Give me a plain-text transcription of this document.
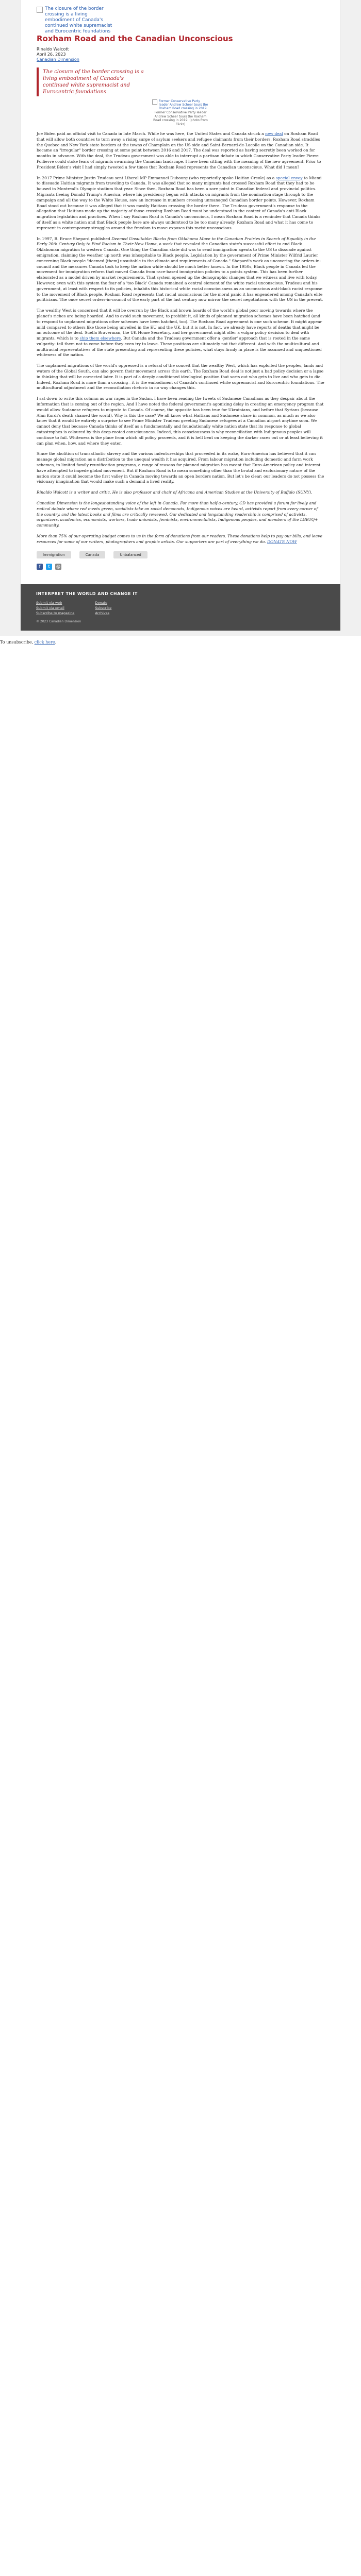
The closure of the border crossing is a living embodiment of Canada's continued white supremacist and Eurocentric foundations
Roxham Road and the Canadian Unconscious
Rinaldo Walcott
April 26, 2023
Canadian Dimension
The closure of the border crossing is a living embodiment of Canada's continued white supremacist and Eurocentric foundations
Former Conservative Party leader Andrew Scheer tours the Roxham Road crossing in 2019.
Former Conservative Party leader Andrew Scheer tours the Roxham Road crossing in 2019. (photo from Flickr)

Joe Biden paid an official visit to Canada in late March. While he was here, the United States and Canada struck a new deal on Roxham Road that will allow both countries to turn away a rising surge of asylum seekers and refugee claimants from their borders. Roxham Road straddles the Quebec and New York state borders at the towns of Champlain on the US side and Saint-Bernard-de-Lacolle on the Canadian side. It became an "irregular" border crossing at some point between 2016 and 2017. The deal was reported as having secretly been worked on for months in advance. With the deal, the Trudeau government was able to interrupt a partisan debate in which Conservative Party leader Pierre Poilievre could stoke fears of migrants swarming the Canadian landscape. I have been sitting with the meaning of the new agreement. Prior to President Biden's visit I had simply tweeted a few times that Roxham Road represents the Canadian unconscious. What did I mean?

In 2017 Prime Minister Justin Trudeau sent Liberal MP Emmanuel Dubourg (who reportedly spoke Haitian Creole) as a special envoy to Miami to dissuade Haitian migrants from traveling to Canada. It was alleged that so many migrants had crossed Roxham Road that they had to be housed in Montreal's Olympic stadium that year. Since then, Roxham Road has been a sore point in Canadian federal and provincial politics. Migrants fleeing Donald Trump's America, where his presidency began with attacks on migrants from the nomination stage through to the campaign and all the way to the White House, saw an increase in numbers crossing unmanaged Canadian border points. However, Roxham Road stood out because it was alleged that it was mostly Haitians crossing the border there. The Trudeau government's response to the allegation that Haitians made up the majority of those crossing Roxham Road must be understood in the context of Canada's anti-Black migration legislation and practices. When I say Roxham Road is Canada's unconscious, I mean Roxham Road is a reminder that Canada thinks of itself as a white nation and that Black people here are always understood to be too many already. Roxham Road and what it has come to represent in contemporary struggles around the freedom to move exposes this racist unconscious.

In 1997, R. Bruce Shepard published Deemed Unsuitable: Blacks from Oklahoma Move to the Canadian Prairies in Search of Equality in the Early 20th Century Only to Find Racism in Their New Home, a work that revealed the Canadian state's successful effort to end Black Oklahoman migration to western Canada. One thing the Canadian state did was to send immigration agents to the US to dissuade against emigration, claiming the weather up north was inhospitable to Black people. Legislation by the government of Prime Minister Wilfrid Laurier concerning Black people "deemed [them] unsuitable to the climate and requirements of Canada." Shepard's work on uncovering the orders-in-council and the measures Canada took to keep the nation white should be much better known. In the 1950s, Black people in Canada led the movement for immigration reform that moved Canada from race-based immigration policies to a points system. This has been further elaborated as a model driven by market requirements. That system opened up the demographic changes that we witness and live with today. However, even with this system the fear of a 'too Black' Canada remained a central element of the white racial unconscious. Trudeau and his government, at least with respect to its policies, inhabits this historical white racial consciousness as an unconscious anti-black racist response to the movement of Black people. Roxham Road represents that racial unconscious for the moral panic it has engendered among Canada's elite politicians. The once secret orders-in-council of the early part of the last century now mirror the secret negotiations with the US in the present.

The wealthy West is concerned that it will be overrun by the Black and brown hoards of the world's global poor moving towards where the planet's riches are being hoarded. And to avoid such movement, to prohibit it, all kinds of planned migration schemes have been hatched (and to respond to unplanned migrations other schemes have been hatched, too). The Roxham Road agreement is one such scheme. It might appear mild compared to others like those being unveiled in the EU and the UK, but it is not. In fact, we already have reports of deaths that might be an outcome of the deal. Suella Braverman, the UK Home Secretary, and her government might offer a vulgar policy decision to deal with migrants, which is to ship them elsewhere. But Canada and the Trudeau government offer a 'gentler' approach that is rooted in the same vulgarity: tell them not to come before they even try to leave. These positions are ultimately not that different. And with the multicultural and multiracial representatives of the state presenting and representing these policies, what stays firmly in place is the assumed and unquestioned whiteness of the nation.

The unplanned migrations of the world's oppressed is a refusal of the conceit that the wealthy West, which has exploited the peoples, lands and waters of the Global South, can also govern their movement across this earth. The Roxham Road deal is not just a bad policy decision or a lapse in thinking that will be corrected later. It is part of a deeply conditioned ideological position that sorts out who gets to live and who gets to die. Indeed, Roxham Road is more than a crossing—it is the embodiment of Canada's continued white supremacist and Eurocentric foundations. The multicultural adjustment and the reconciliation rhetoric in no way changes this.

I sat down to write this column as war rages in the Sudan. I have been reading the tweets of Sudanese Canadians as they despair about the information that is coming out of the region. And I have noted the federal government's agonizing delay in creating an emergency program that would allow Sudanese refugees to migrate to Canada. Of course, the opposite has been true for Ukrainians, and before that Syrians (because Alan Kurdi's death shamed the world). Why is this the case? We all know what Haitians and Sudanese share in common, as much as we also know that it would be entirely a surprise to see Prime Minister Trudeau greeting Sudanese refugees at a Canadian airport anytime soon. We cannot deny that because Canada thinks of itself as a fundamentally and foundationally white nation state that its response to global catastrophes is coloured by this deep-rooted consciousness. Indeed, this consciousness is why reconciliation with Indigenous peoples will continue to fail. Whiteness is the place from which all policy proceeds, and it is hell bent on keeping the darker races out or at least believing it can plan when, how, and where they enter.

Since the abolition of transatlantic slavery and the various indentureships that proceeded in its wake, Euro-America has believed that it can manage global migration as a distribution to the unequal wealth it has acquired. From labour migration including domestic and farm work schemes, to limited family reunification programs, a range of reasons for planned migration has meant that Euro-American policy and interest have attempted to impede global movement. But if Roxham Road is to mean something other than the brutal and exclusionary nature of the nation state it could become the first valley in Canada moving towards an open borders nation. But let's be clear: our leaders do not possess the visionary imagination that would make such a demand a lived reality.

Rinaldo Walcott is a writer and critic. He is also professor and chair of Africana and American Studies at the University of Buffalo (SUNY).

Canadian Dimension is the longest-standing voice of the left in Canada. For more than half-a-century, CD has provided a forum for lively and radical debate where red meets green, socialists take on social democrats, Indigenous voices are heard, activists report from every corner of the country, and the latest books and films are critically reviewed. Our dedicated and longstanding readership is comprised of activists, organizers, academics, economists, workers, trade unionists, feminists, environmentalists, Indigenous peoples, and members of the LGBTQ+ community.

More than 75% of our operating budget comes to us in the form of donations from our readers. These donations help to pay our bills, and leave resources for some of our writers, photographers and graphic artists. Our supporters are part of everything we do. DONATE NOW

Immigration	Canada	Unbalanced
f	t	@
INTERPRET THE WORLD AND CHANGE IT
Submit via web
Submit via email
Subscribe to magazine
Donate
Subscribe
Archives
© 2023 Canadian Dimension
To unsubscribe, click here.
